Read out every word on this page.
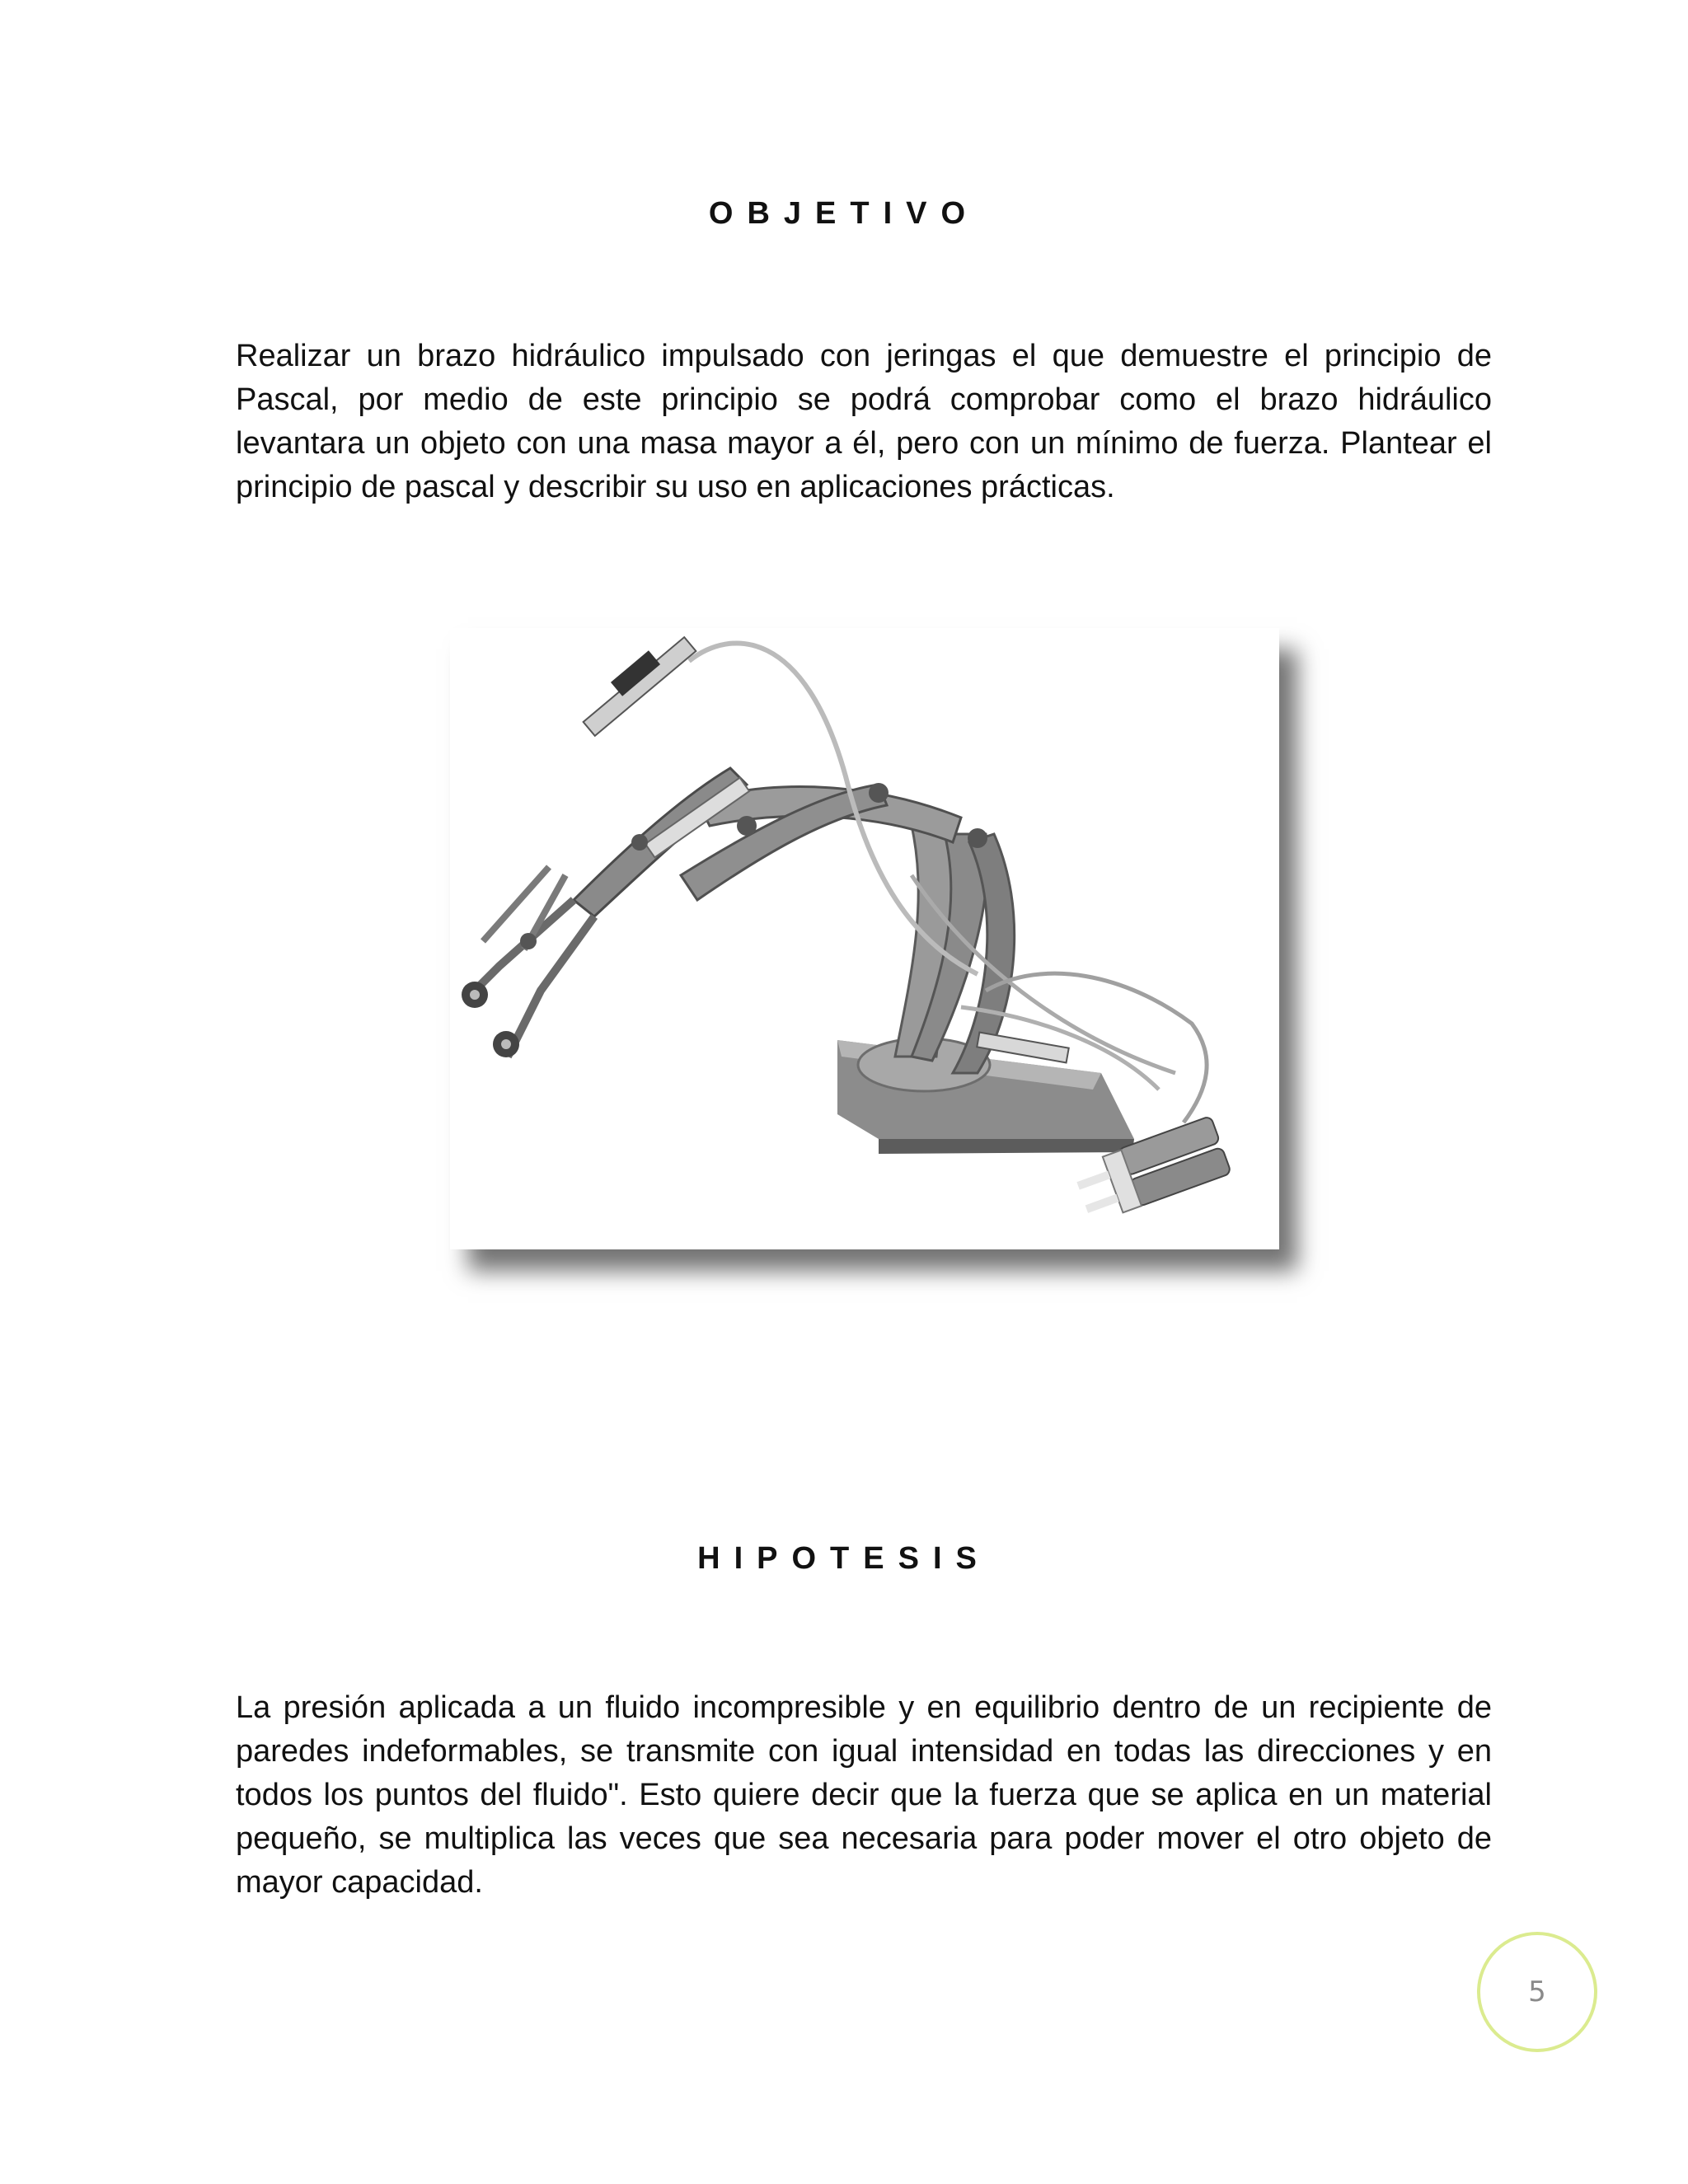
OBJETIVO

Realizar un brazo hidráulico impulsado con jeringas el que demuestre el principio de Pascal, por medio de este principio se podrá comprobar como el brazo hidráulico levantara un objeto con una masa mayor a él, pero con un mínimo de fuerza. Plantear el principio de pascal y describir su uso en aplicaciones prácticas.

HIPOTESIS

La presión aplicada a un fluido incompresible y en equilibrio dentro de un recipiente de paredes indeformables, se transmite con igual intensidad en todas las direcciones y en todos los puntos del fluido". Esto quiere decir que la fuerza que se aplica en un material pequeño, se multiplica las veces que sea necesaria para poder mover el otro objeto de mayor capacidad.

5
